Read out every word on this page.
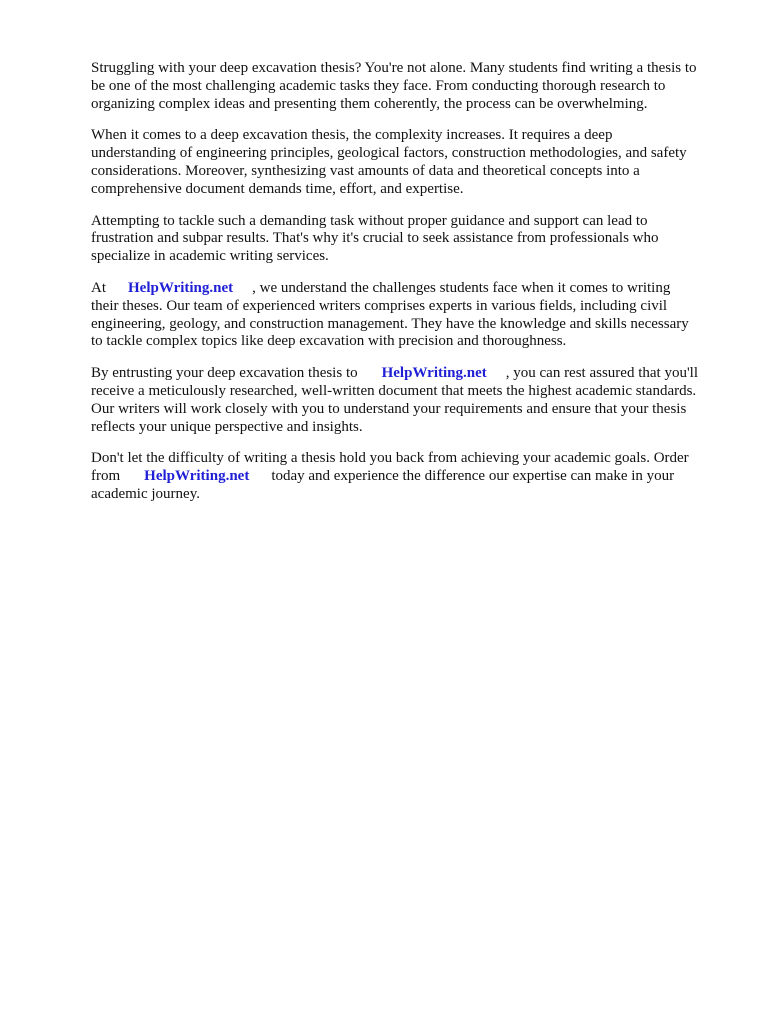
Struggling with your deep excavation thesis? You're not alone. Many students find writing a thesis to
be one of the most challenging academic tasks they face. From conducting thorough research to
organizing complex ideas and presenting them coherently, the process can be overwhelming.

When it comes to a deep excavation thesis, the complexity increases. It requires a deep
understanding of engineering principles, geological factors, construction methodologies, and safety
considerations. Moreover, synthesizing vast amounts of data and theoretical concepts into a
comprehensive document demands time, effort, and expertise.

Attempting to tackle such a demanding task without proper guidance and support can lead to
frustration and subpar results. That's why it's crucial to seek assistance from professionals who
specialize in academic writing services.

At HelpWriting.net , we understand the challenges students face when it comes to writing
their theses. Our team of experienced writers comprises experts in various fields, including civil
engineering, geology, and construction management. They have the knowledge and skills necessary
to tackle complex topics like deep excavation with precision and thoroughness.

By entrusting your deep excavation thesis to HelpWriting.net , you can rest assured that you'll
receive a meticulously researched, well-written document that meets the highest academic standards.
Our writers will work closely with you to understand your requirements and ensure that your thesis
reflects your unique perspective and insights.

Don't let the difficulty of writing a thesis hold you back from achieving your academic goals. Order
from HelpWriting.net today and experience the difference our expertise can make in your
academic journey.
